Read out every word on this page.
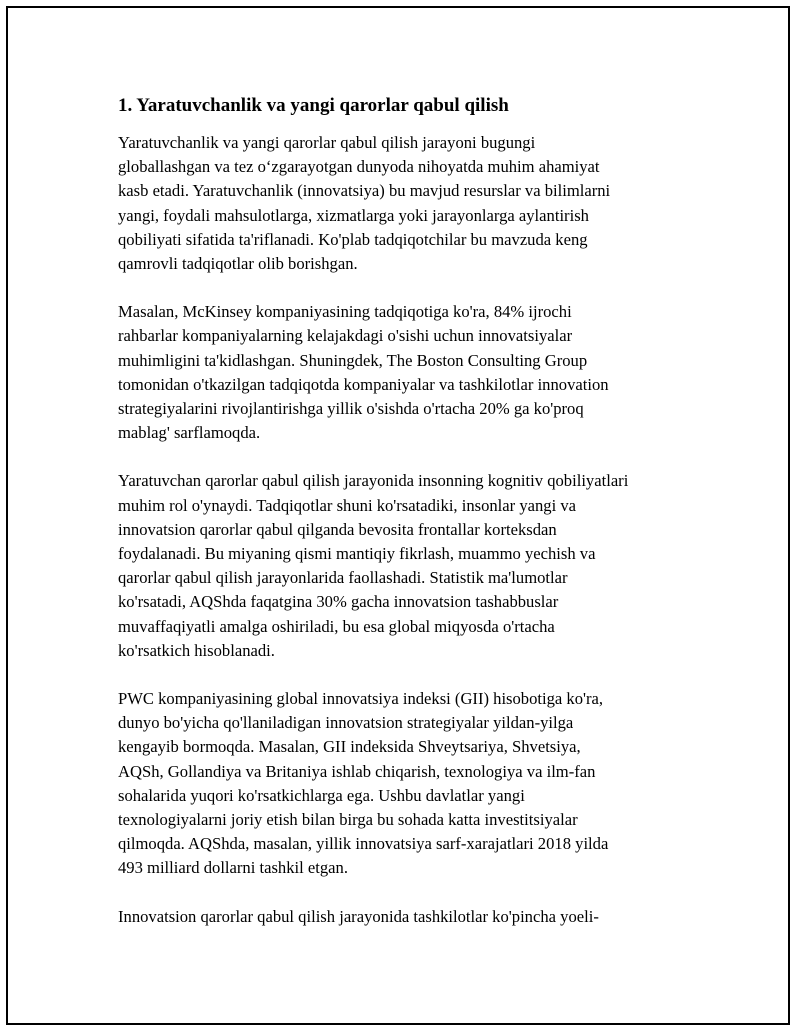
1. Yaratuvchanlik va yangi qarorlar qabul qilish

Yaratuvchanlik va yangi qarorlar qabul qilish jarayoni bugungi
globallashgan va tez o‘zgarayotgan dunyoda nihoyatda muhim ahamiyat
kasb etadi. Yaratuvchanlik (innovatsiya) bu mavjud resurslar va bilimlarni
yangi, foydali mahsulotlarga, xizmatlarga yoki jarayonlarga aylantirish
qobiliyati sifatida ta'riflanadi. Ko'plab tadqiqotchilar bu mavzuda keng
qamrovli tadqiqotlar olib borishgan.

Masalan, McKinsey kompaniyasining tadqiqotiga ko'ra, 84% ijrochi
rahbarlar kompaniyalarning kelajakdagi o'sishi uchun innovatsiyalar
muhimligini ta'kidlashgan. Shuningdek, The Boston Consulting Group
tomonidan o'tkazilgan tadqiqotda kompaniyalar va tashkilotlar innovation
strategiyalarini rivojlantirishga yillik o'sishda o'rtacha 20% ga ko'proq
mablag' sarflamoqda.

Yaratuvchan qarorlar qabul qilish jarayonida insonning kognitiv qobiliyatlari
muhim rol o'ynaydi. Tadqiqotlar shuni ko'rsatadiki, insonlar yangi va
innovatsion qarorlar qabul qilganda bevosita frontallar korteksdan
foydalanadi. Bu miyaning qismi mantiqiy fikrlash, muammo yechish va
qarorlar qabul qilish jarayonlarida faollashadi. Statistik ma'lumotlar
ko'rsatadi, AQShda faqatgina 30% gacha innovatsion tashabbuslar
muvaffaqiyatli amalga oshiriladi, bu esa global miqyosda o'rtacha
ko'rsatkich hisoblanadi.

PWC kompaniyasining global innovatsiya indeksi (GII) hisobotiga ko'ra,
dunyo bo'yicha qo'llaniladigan innovatsion strategiyalar yildan-yilga
kengayib bormoqda. Masalan, GII indeksida Shveytsariya, Shvetsiya,
AQSh, Gollandiya va Britaniya ishlab chiqarish, texnologiya va ilm-fan
sohalarida yuqori ko'rsatkichlarga ega. Ushbu davlatlar yangi
texnologiyalarni joriy etish bilan birga bu sohada katta investitsiyalar
qilmoqda. AQShda, masalan, yillik innovatsiya sarf-xarajatlari 2018 yilda
493 milliard dollarni tashkil etgan.

Innovatsion qarorlar qabul qilish jarayonida tashkilotlar ko'pincha yoeli-
